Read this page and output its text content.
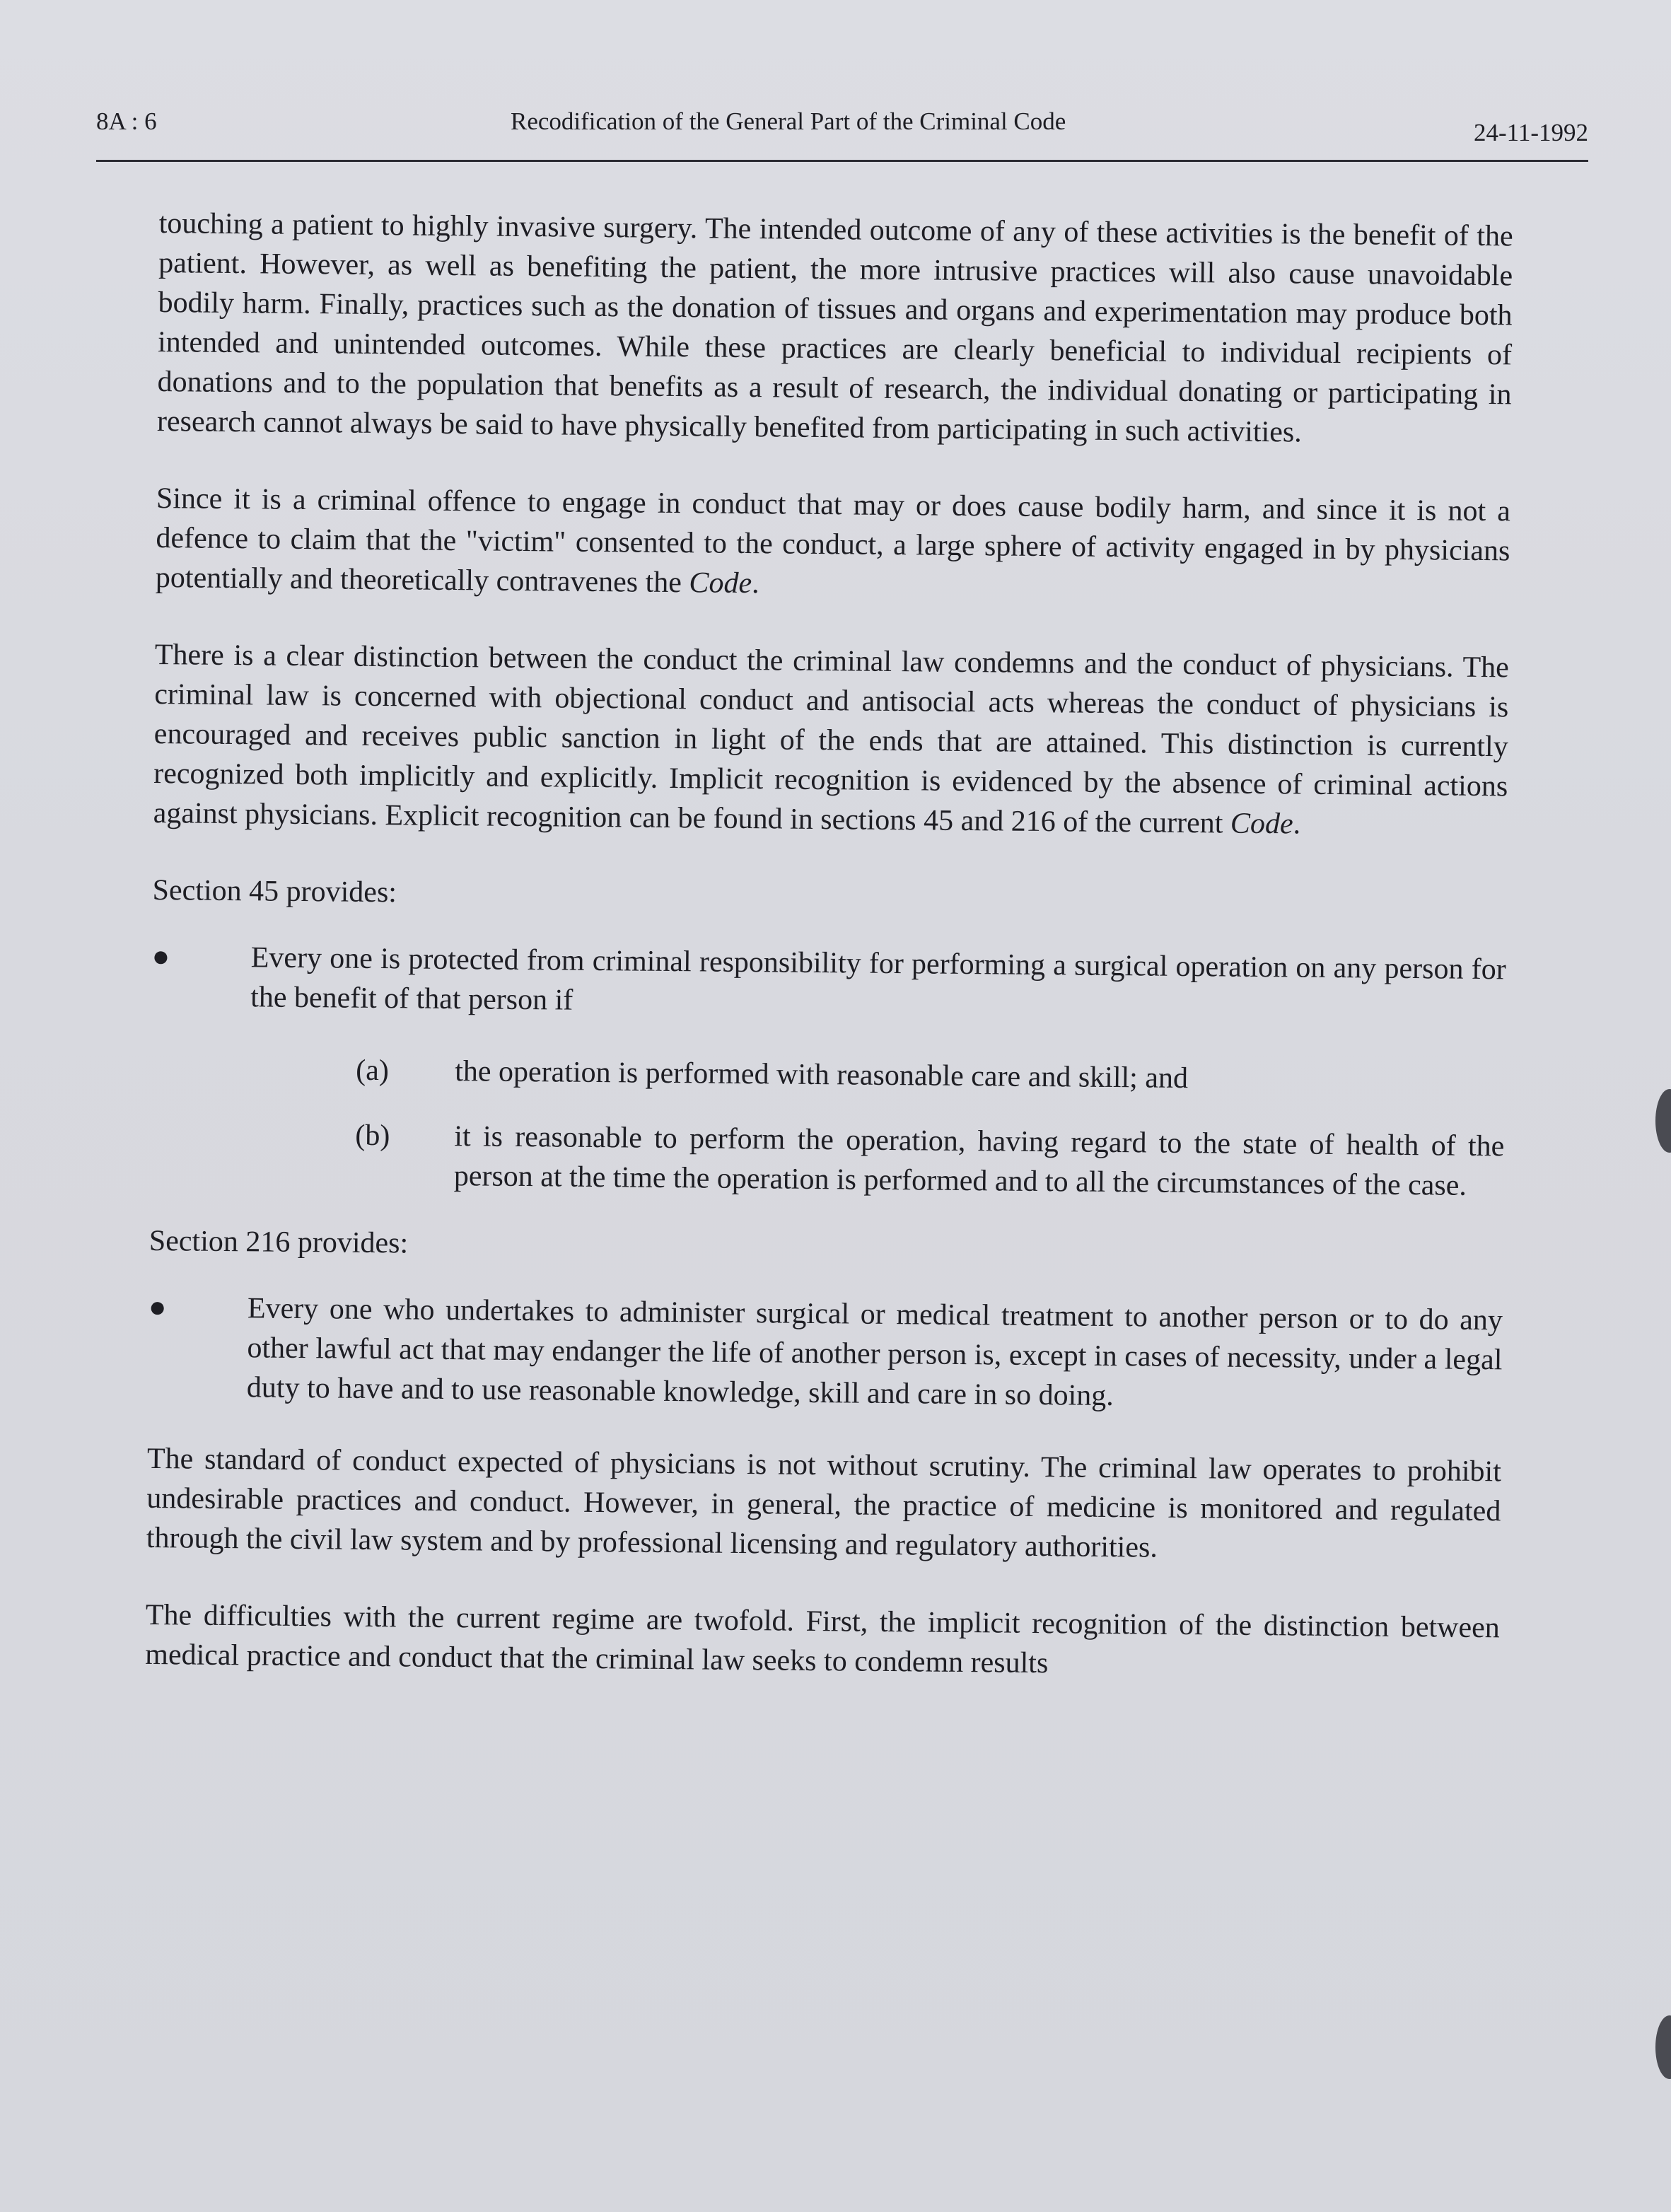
8A : 6	Recodification of the General Part of the Criminal Code	24-11-1992

touching a patient to highly invasive surgery. The intended outcome of any of these activities is the benefit of the patient. However, as well as benefiting the patient, the more intrusive practices will also cause unavoidable bodily harm. Finally, practices such as the donation of tissues and organs and experimentation may produce both intended and unintended outcomes. While these practices are clearly beneficial to individual recipients of donations and to the population that benefits as a result of research, the individual donating or participating in research cannot always be said to have physically benefited from participating in such activities.

Since it is a criminal offence to engage in conduct that may or does cause bodily harm, and since it is not a defence to claim that the "victim" consented to the conduct, a large sphere of activity engaged in by physicians potentially and theoretically contravenes the Code.

There is a clear distinction between the conduct the criminal law condemns and the conduct of physicians. The criminal law is concerned with objectional conduct and antisocial acts whereas the conduct of physicians is encouraged and receives public sanction in light of the ends that are attained. This distinction is currently recognized both implicitly and explicitly. Implicit recognition is evidenced by the absence of criminal actions against physicians. Explicit recognition can be found in sections 45 and 216 of the current Code.

Section 45 provides:

●	Every one is protected from criminal responsibility for performing a surgical operation on any person for the benefit of that person if
(a) the operation is performed with reasonable care and skill; and
(b) it is reasonable to perform the operation, having regard to the state of health of the person at the time the operation is performed and to all the circumstances of the case.

Section 216 provides:

●	Every one who undertakes to administer surgical or medical treatment to another person or to do any other lawful act that may endanger the life of another person is, except in cases of necessity, under a legal duty to have and to use reasonable knowledge, skill and care in so doing.

The standard of conduct expected of physicians is not without scrutiny. The criminal law operates to prohibit undesirable practices and conduct. However, in general, the practice of medicine is monitored and regulated through the civil law system and by professional licensing and regulatory authorities.

The difficulties with the current regime are twofold. First, the implicit recognition of the distinction between medical practice and conduct that the criminal law seeks to condemn results
